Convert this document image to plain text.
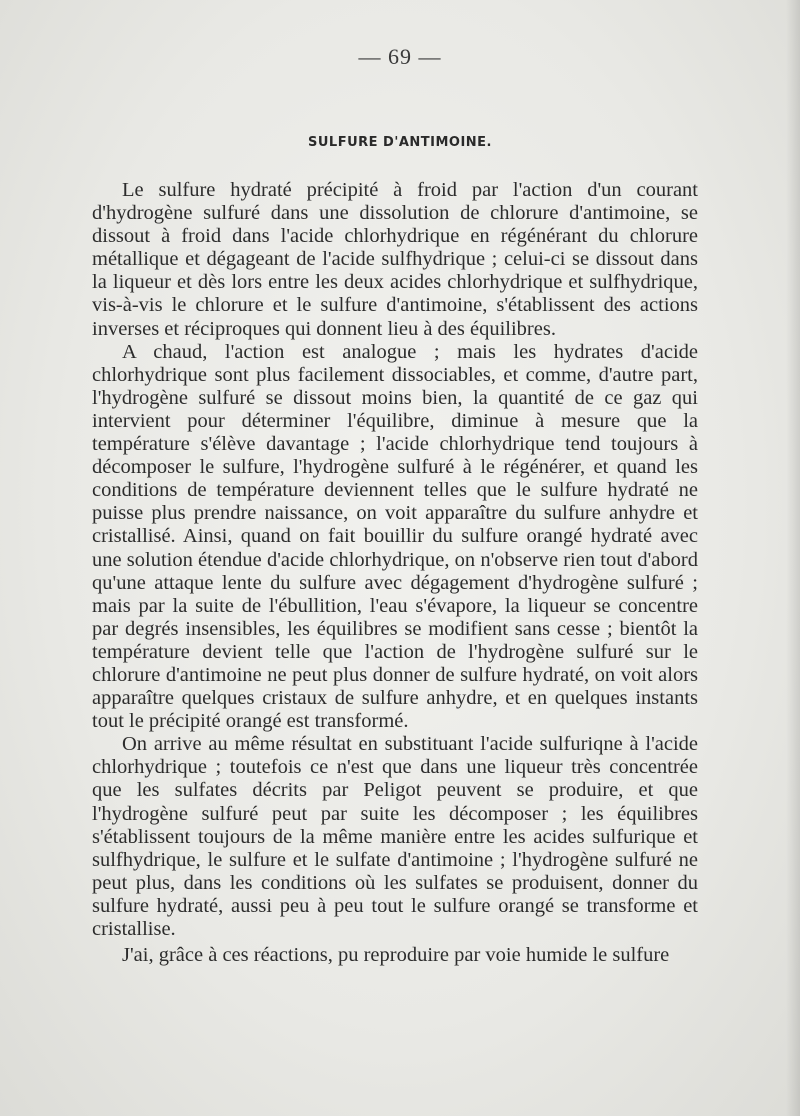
— 69 —
SULFURE D'ANTIMOINE.

Le sulfure hydraté précipité à froid par l'action d'un courant d'hydrogène sulfuré dans une dissolution de chlorure d'antimoine, se dissout à froid dans l'acide chlorhydrique en régénérant du chlorure métallique et dégageant de l'acide sulfhydrique ; celui-ci se dissout dans la liqueur et dès lors entre les deux acides chlorhydrique et sulfhydrique, vis-à-vis le chlorure et le sulfure d'antimoine, s'établissent des actions inverses et réciproques qui donnent lieu à des équilibres.

A chaud, l'action est analogue ; mais les hydrates d'acide chlorhydrique sont plus facilement dissociables, et comme, d'autre part, l'hydrogène sulfuré se dissout moins bien, la quantité de ce gaz qui intervient pour déterminer l'équilibre, diminue à mesure que la température s'élève davantage ; l'acide chlorhydrique tend toujours à décomposer le sulfure, l'hydrogène sulfuré à le régénérer, et quand les conditions de température deviennent telles que le sulfure hydraté ne puisse plus prendre naissance, on voit apparaître du sulfure anhydre et cristallisé. Ainsi, quand on fait bouillir du sulfure orangé hydraté avec une solution étendue d'acide chlorhydrique, on n'observe rien tout d'abord qu'une attaque lente du sulfure avec dégagement d'hydrogène sulfuré ; mais par la suite de l'ébullition, l'eau s'évapore, la liqueur se concentre par degrés insensibles, les équilibres se modifient sans cesse ; bientôt la température devient telle que l'action de l'hydrogène sulfuré sur le chlorure d'antimoine ne peut plus donner de sulfure hydraté, on voit alors apparaître quelques cristaux de sulfure anhydre, et en quelques instants tout le précipité orangé est transformé.

On arrive au même résultat en substituant l'acide sulfuriqne à l'acide chlorhydrique ; toutefois ce n'est que dans une liqueur très concentrée que les sulfates décrits par Peligot peuvent se produire, et que l'hydrogène sulfuré peut par suite les décomposer ; les équilibres s'établissent toujours de la même manière entre les acides sulfurique et sulfhydrique, le sulfure et le sulfate d'antimoine ; l'hydrogène sulfuré ne peut plus, dans les conditions où les sulfates se produisent, donner du sulfure hydraté, aussi peu à peu tout le sulfure orangé se transforme et cristallise.

J'ai, grâce à ces réactions, pu reproduire par voie humide le sulfure
